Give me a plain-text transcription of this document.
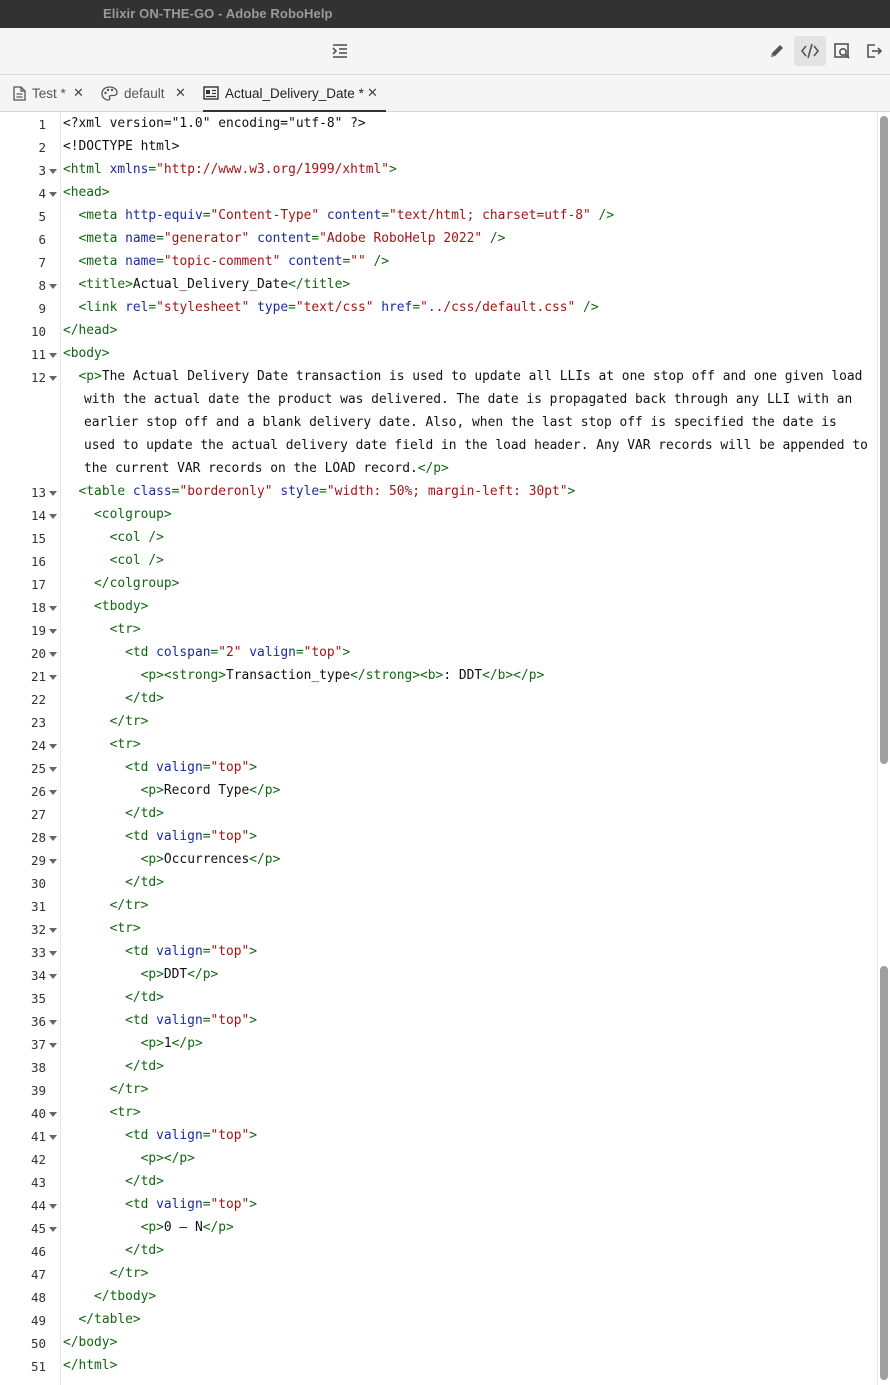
Elixir ON-THE-GO - Adobe RoboHelp
Test * ✕	default ✕	Actual_Delivery_Date * ✕
1
2
3
4
5
6
7
8
9
10
11
12
13
14
15
16
17
18
19
20
21
22
23
24
25
26
27
28
29
30
31
32
33
34
35
36
37
38
39
40
41
42
43
44
45
46
47
48
49
50
51
<?xml version="1.0" encoding="utf-8" ?>
<!DOCTYPE html>
<html xmlns="http://www.w3.org/1999/xhtml">
<head>
<meta http-equiv="Content-Type" content="text/html; charset=utf-8" />
<meta name="generator" content="Adobe RoboHelp 2022" />
<meta name="topic-comment" content="" />
<title>Actual_Delivery_Date</title>
<link rel="stylesheet" type="text/css" href="../css/default.css" />
</head>
<body>
<p>The Actual Delivery Date transaction is used to update all LLIs at one stop off and one given load
with the actual date the product was delivered. The date is propagated back through any LLI with an
earlier stop off and a blank delivery date. Also, when the last stop off is specified the date is
used to update the actual delivery date field in the load header. Any VAR records will be appended to
the current VAR records on the LOAD record.</p>
<table class="borderonly" style="width: 50%; margin-left: 30pt">
<colgroup>
<col />
<col />
</colgroup>
<tbody>
<tr>
<td colspan="2" valign="top">
<p><strong>Transaction_type</strong><b>: DDT</b></p>
</td>
</tr>
<tr>
<td valign="top">
<p>Record Type</p>
</td>
<td valign="top">
<p>Occurrences</p>
</td>
</tr>
<tr>
<td valign="top">
<p>DDT</p>
</td>
<td valign="top">
<p>1</p>
</td>
</tr>
<tr>
<td valign="top">
<p></p>
</td>
<td valign="top">
<p>0 – N</p>
</td>
</tr>
</tbody>
</table>
</body>
</html>
